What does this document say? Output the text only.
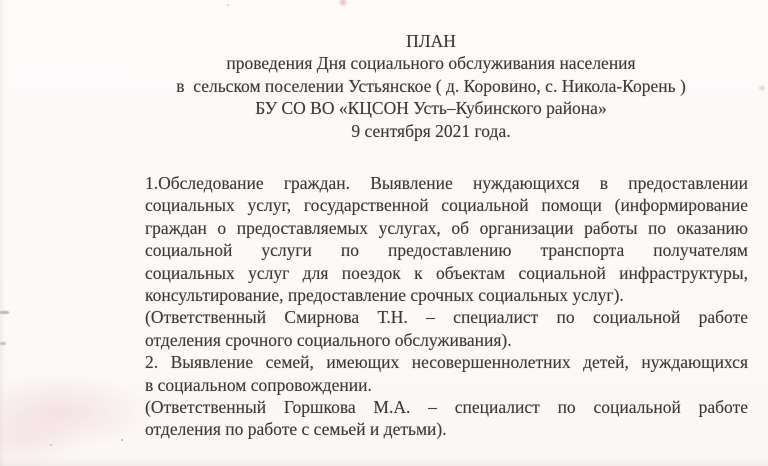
ПЛАН
проведения Дня социального обслуживания населения
в  сельском поселении Устьянское ( д. Коровино, с. Никола-Корень )
БУ СО ВО «КЦСОН Усть–Кубинского района»
9 сентября 2021 года.
1.Обследование граждан. Выявление нуждающихся в предоставлении
социальных услуг, государственной социальной помощи (информирование
граждан о предоставляемых услугах, об организации работы по оказанию
социальной услуги по предоставлению транспорта получателям
социальных услуг для поездок к объектам социальной инфраструктуры,
консультирование, предоставление срочных социальных услуг).
(Ответственный Смирнова Т.Н. – специалист по социальной работе
отделения срочного социального обслуживания).
2. Выявление семей, имеющих несовершеннолетних детей, нуждающихся
в социальном сопровождении.
(Ответственный Горшкова М.А. – специалист по социальной работе
отделения по работе с семьей и детьми).
